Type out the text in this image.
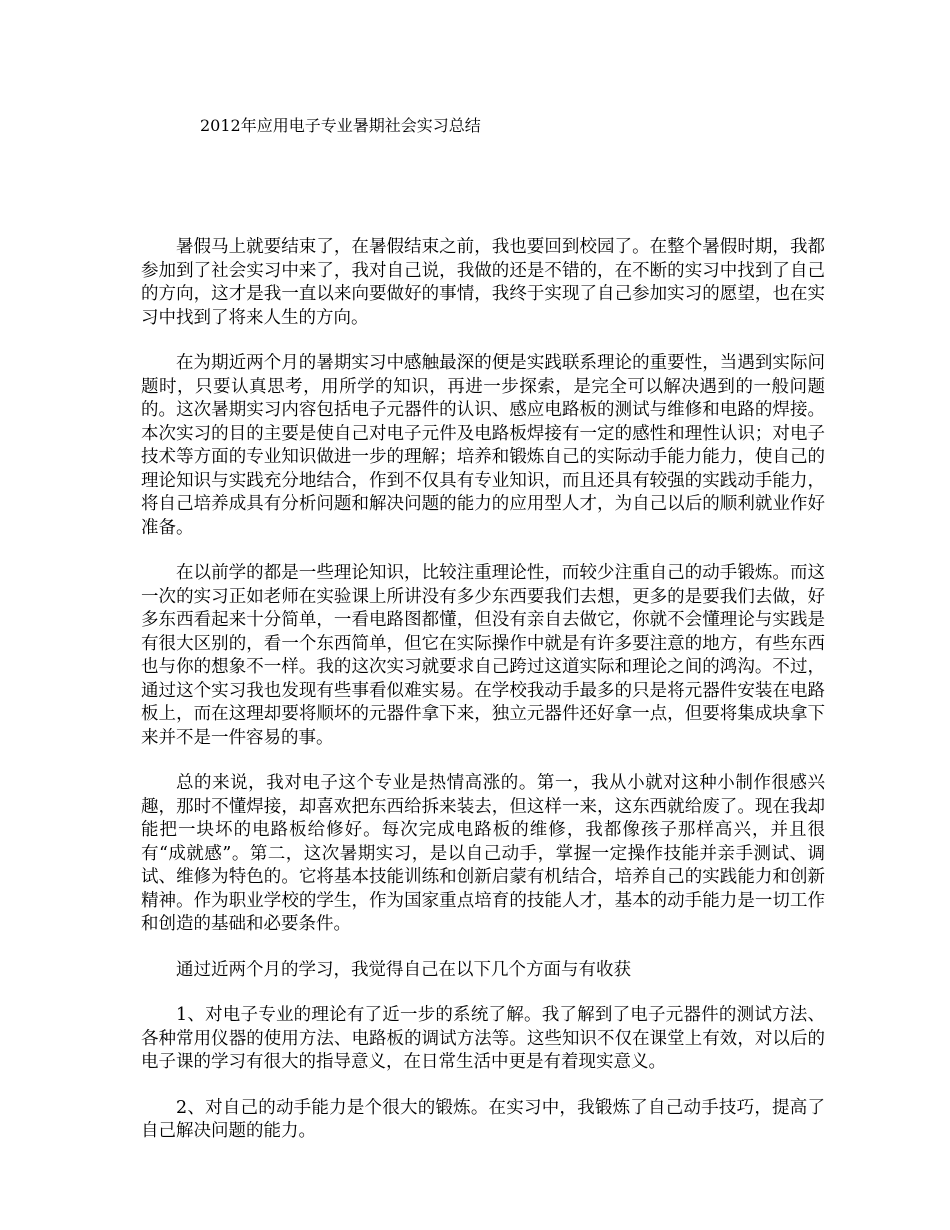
2012年应用电子专业暑期社会实习总结

暑假马上就要结束了，在暑假结束之前，我也要回到校园了。在整个暑假时期，我都参加到了社会实习中来了，我对自己说，我做的还是不错的，在不断的实习中找到了自己的方向，这才是我一直以来向要做好的事情，我终于实现了自己参加实习的愿望，也在实习中找到了将来人生的方向。

在为期近两个月的暑期实习中感触最深的便是实践联系理论的重要性，当遇到实际问题时，只要认真思考，用所学的知识，再进一步探索，是完全可以解决遇到的一般问题的。这次暑期实习内容包括电子元器件的认识、感应电路板的测试与维修和电路的焊接。本次实习的目的主要是使自己对电子元件及电路板焊接有一定的感性和理性认识；对电子技术等方面的专业知识做进一步的理解；培养和锻炼自己的实际动手能力能力，使自己的理论知识与实践充分地结合，作到不仅具有专业知识，而且还具有较强的实践动手能力，将自己培养成具有分析问题和解决问题的能力的应用型人才，为自己以后的顺利就业作好准备。

在以前学的都是一些理论知识，比较注重理论性，而较少注重自己的动手锻炼。而这一次的实习正如老师在实验课上所讲没有多少东西要我们去想，更多的是要我们去做，好多东西看起来十分简单，一看电路图都懂，但没有亲自去做它，你就不会懂理论与实践是有很大区别的，看一个东西简单，但它在实际操作中就是有许多要注意的地方，有些东西也与你的想象不一样。我的这次实习就要求自己跨过这道实际和理论之间的鸿沟。不过，通过这个实习我也发现有些事看似难实易。在学校我动手最多的只是将元器件安装在电路板上，而在这理却要将顺坏的元器件拿下来，独立元器件还好拿一点，但要将集成块拿下来并不是一件容易的事。

总的来说，我对电子这个专业是热情高涨的。第一，我从小就对这种小制作很感兴趣，那时不懂焊接，却喜欢把东西给拆来装去，但这样一来，这东西就给废了。现在我却能把一块坏的电路板给修好。每次完成电路板的维修，我都像孩子那样高兴，并且很有“成就感”。第二，这次暑期实习，是以自己动手，掌握一定操作技能并亲手测试、调试、维修为特色的。它将基本技能训练和创新启蒙有机结合，培养自己的实践能力和创新精神。作为职业学校的学生，作为国家重点培育的技能人才，基本的动手能力是一切工作和创造的基础和必要条件。

通过近两个月的学习，我觉得自己在以下几个方面与有收获

1、对电子专业的理论有了近一步的系统了解。我了解到了电子元器件的测试方法、各种常用仪器的使用方法、电路板的调试方法等。这些知识不仅在课堂上有效，对以后的电子课的学习有很大的指导意义，在日常生活中更是有着现实意义。

2、对自己的动手能力是个很大的锻炼。在实习中，我锻炼了自己动手技巧，提高了自己解决问题的能力。
